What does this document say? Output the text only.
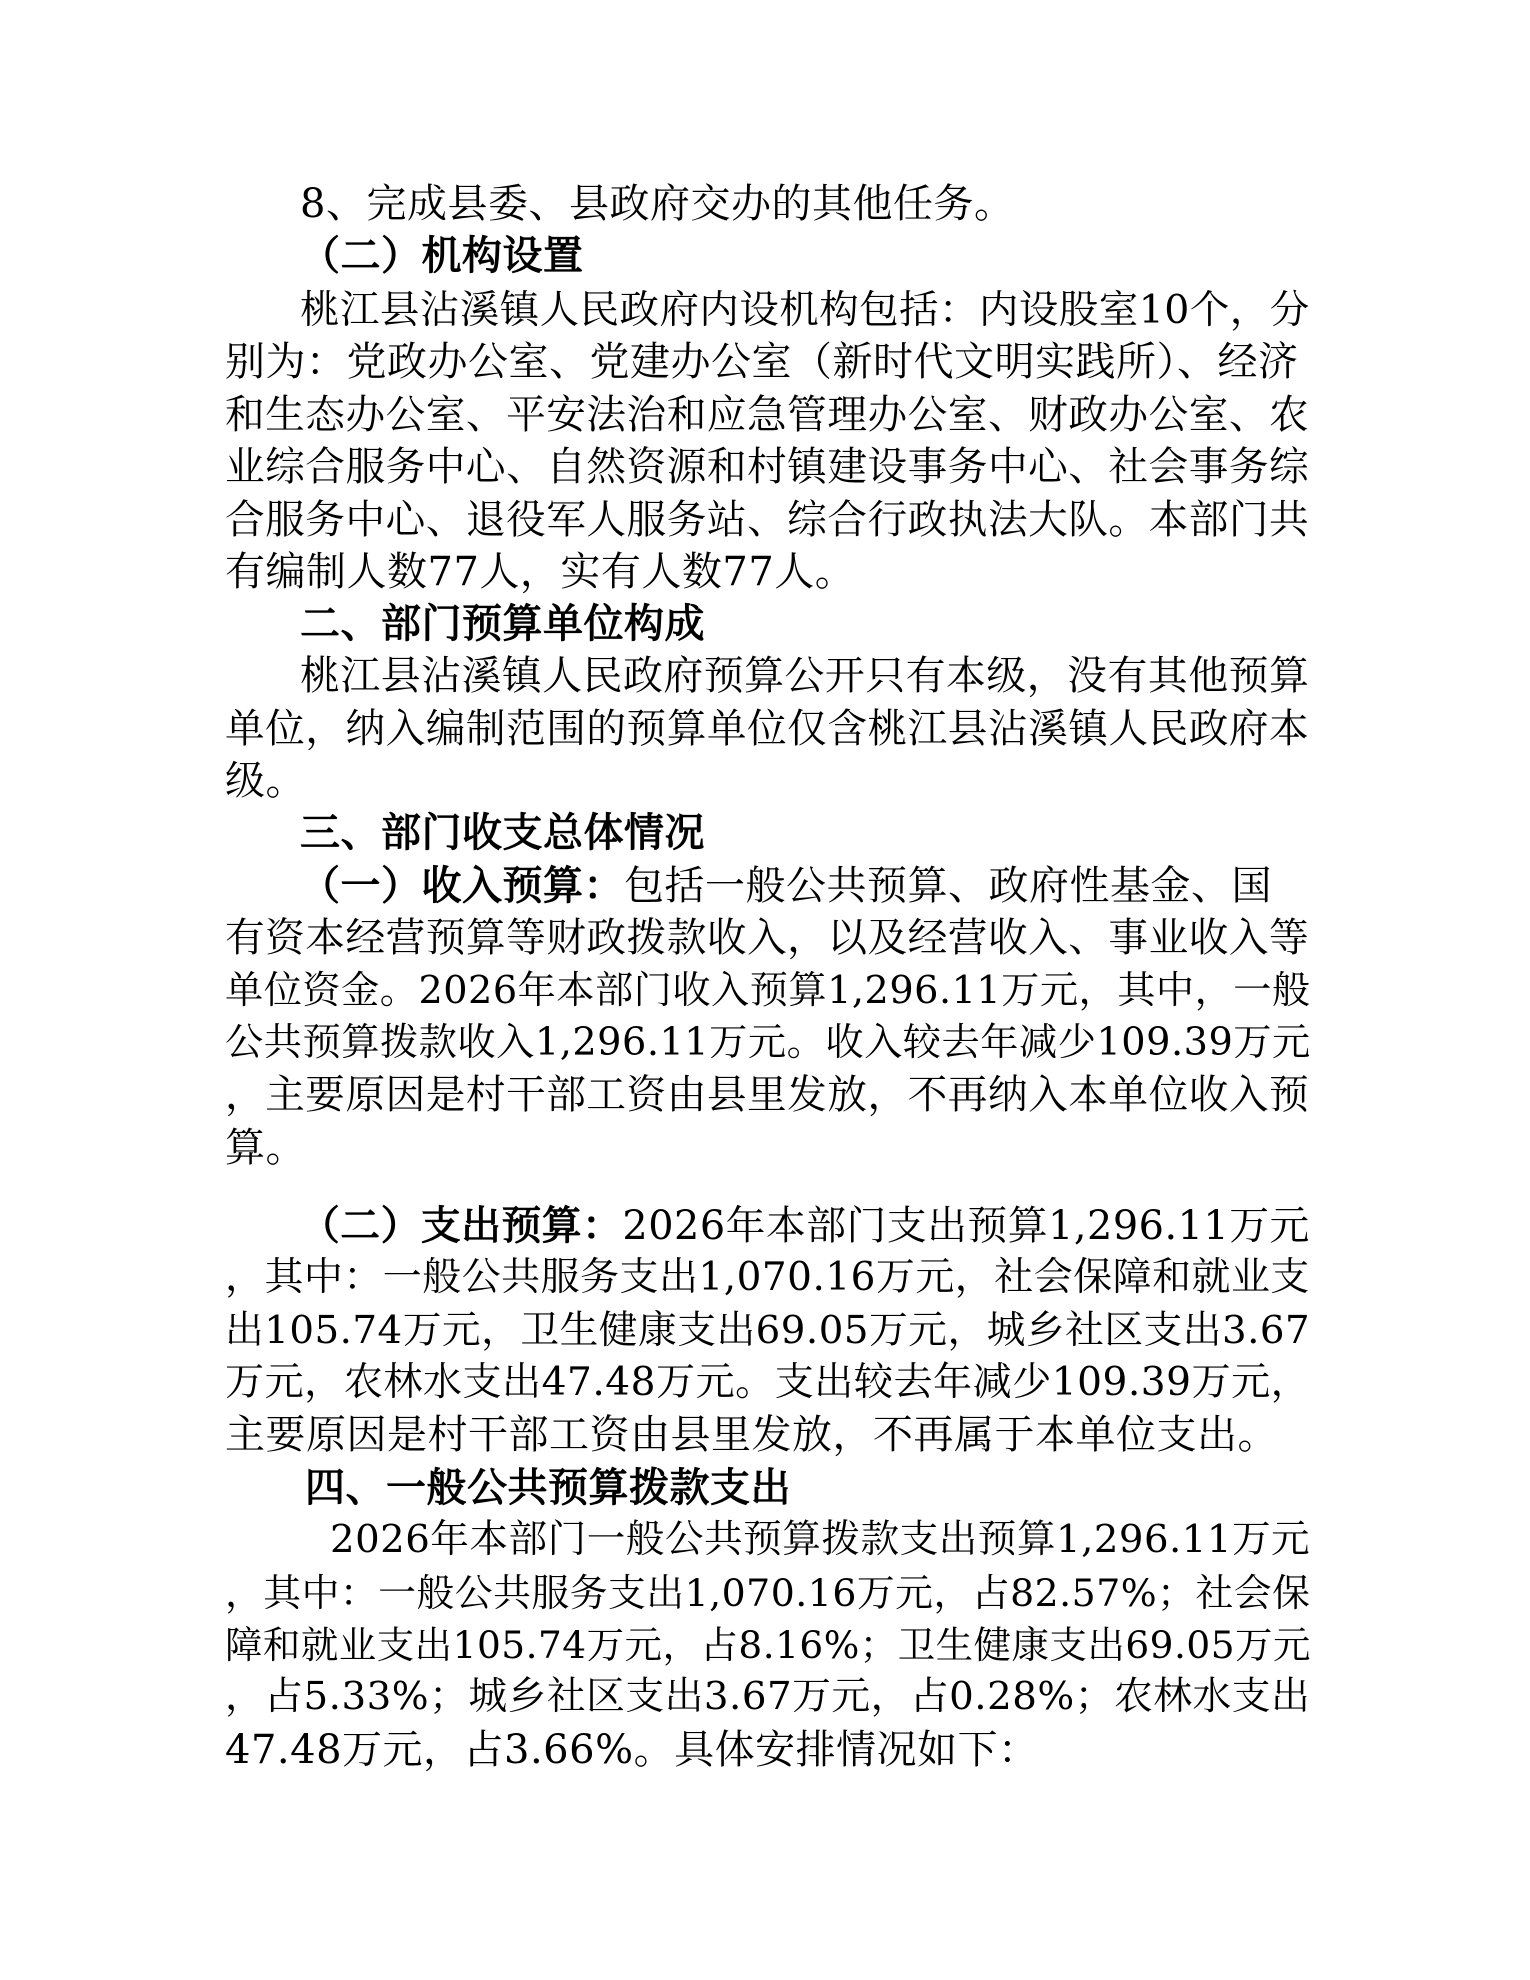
8、完成县委、县政府交办的其他任务。
（二）机构设置
桃江县沾溪镇人民政府内设机构包括：内设股室10个，分
别为：党政办公室、党建办公室（新时代文明实践所）、经济
和生态办公室、平安法治和应急管理办公室、财政办公室、农
业综合服务中心、自然资源和村镇建设事务中心、社会事务综
合服务中心、退役军人服务站、综合行政执法大队。本部门共
有编制人数77人，实有人数77人。
二、部门预算单位构成
桃江县沾溪镇人民政府预算公开只有本级，没有其他预算
单位，纳入编制范围的预算单位仅含桃江县沾溪镇人民政府本
级。
三、部门收支总体情况
（一）收入预算：包括一般公共预算、政府性基金、国
有资本经营预算等财政拨款收入，以及经营收入、事业收入等
单位资金。2026年本部门收入预算1,296.11万元，其中，一般
公共预算拨款收入1,296.11万元。收入较去年减少109.39万元
，主要原因是村干部工资由县里发放，不再纳入本单位收入预
算。
（二）支出预算：2026年本部门支出预算1,296.11万元
，其中：一般公共服务支出1,070.16万元，社会保障和就业支
出105.74万元，卫生健康支出69.05万元，城乡社区支出3.67
万元，农林水支出47.48万元。支出较去年减少109.39万元，
主要原因是村干部工资由县里发放，不再属于本单位支出。
四、一般公共预算拨款支出
2026年本部门一般公共预算拨款支出预算1,296.11万元
，其中：一般公共服务支出1,070.16万元，占82.57%；社会保
障和就业支出105.74万元，占8.16%；卫生健康支出69.05万元
，占5.33%；城乡社区支出3.67万元，占0.28%；农林水支出
47.48万元，占3.66%。具体安排情况如下：
